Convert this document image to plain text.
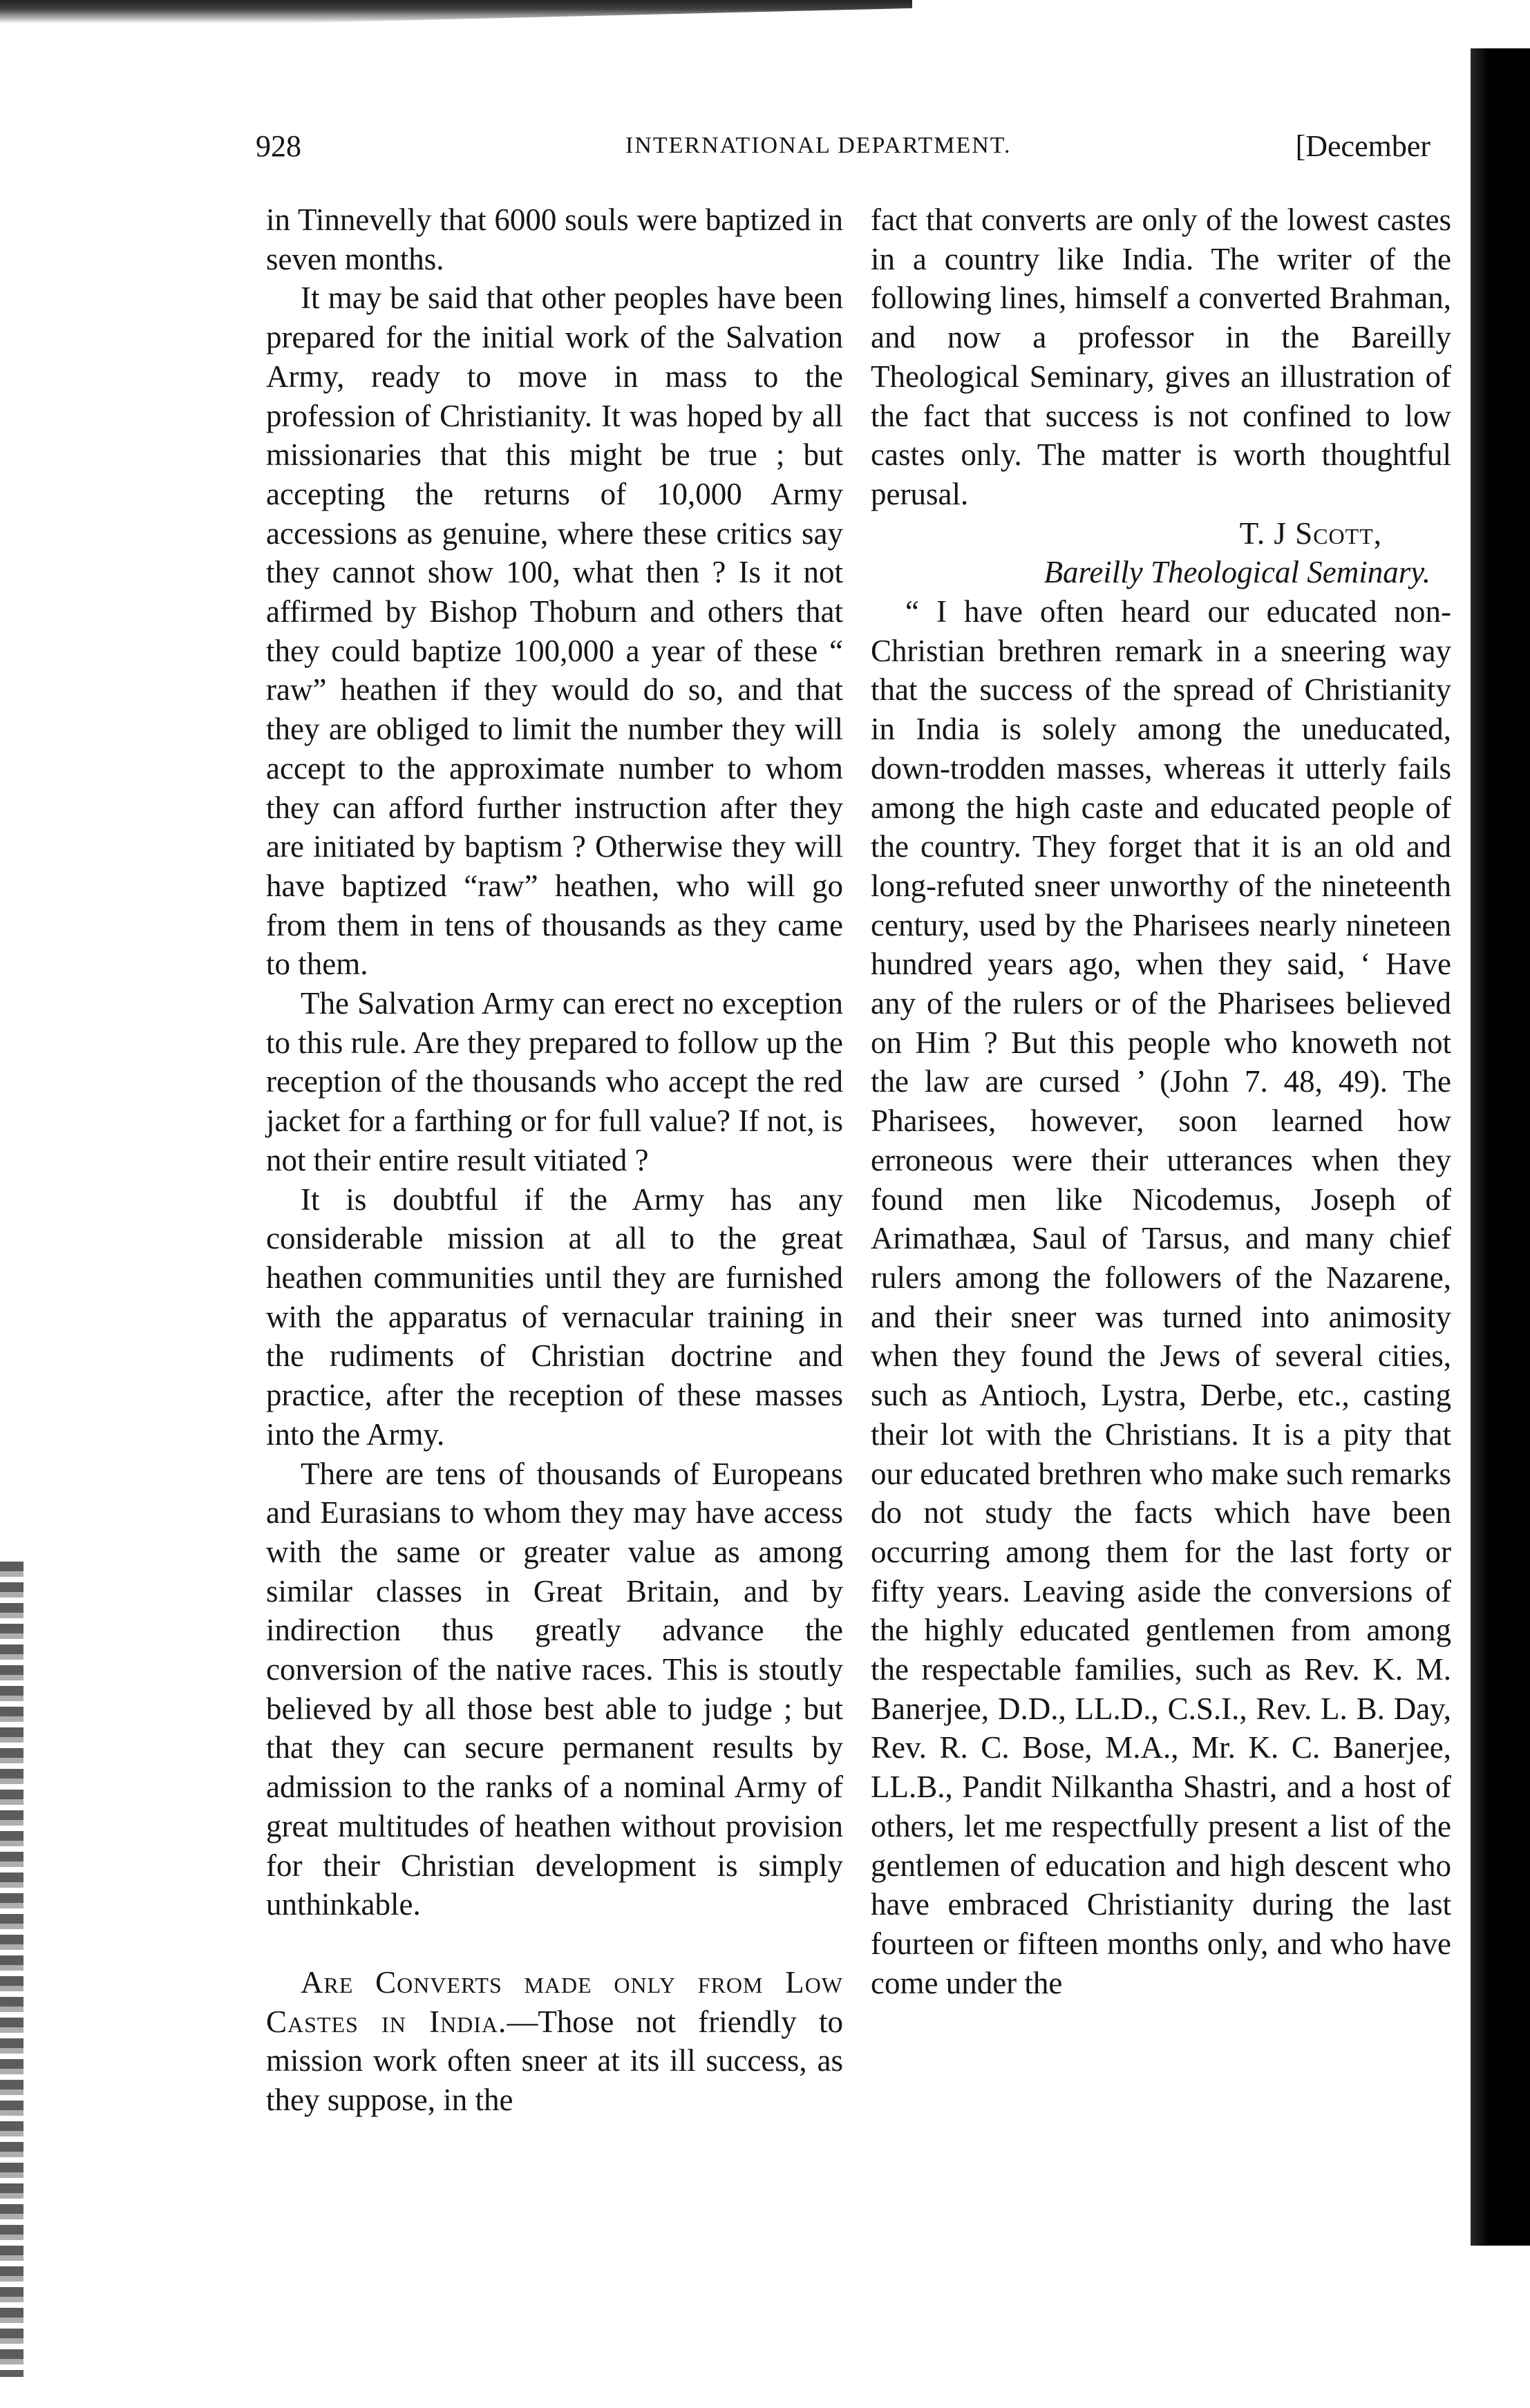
928	INTERNATIONAL DEPARTMENT.	[December

in Tinnevelly that 6000 souls were baptized in seven months.

It may be said that other peoples have been prepared for the initial work of the Salvation Army, ready to move in mass to the profession of Christianity. It was hoped by all missionaries that this might be true ; but accepting the returns of 10,000 Army accessions as genuine, where these critics say they cannot show 100, what then ? Is it not affirmed by Bishop Thoburn and others that they could baptize 100,000 a year of these “ raw” heathen if they would do so, and that they are obliged to limit the number they will accept to the approximate number to whom they can afford further instruction after they are initiated by baptism ? Otherwise they will have baptized “raw” heathen, who will go from them in tens of thousands as they came to them.

The Salvation Army can erect no exception to this rule. Are they prepared to follow up the reception of the thousands who accept the red jacket for a farthing or for full value? If not, is not their entire result vitiated ?

It is doubtful if the Army has any considerable mission at all to the great heathen communities until they are furnished with the apparatus of vernacular training in the rudiments of Christian doctrine and practice, after the reception of these masses into the Army.

There are tens of thousands of Europeans and Eurasians to whom they may have access with the same or greater value as among similar classes in Great Britain, and by indirection thus greatly advance the conversion of the native races. This is stoutly believed by all those best able to judge ; but that they can secure permanent results by admission to the ranks of a nominal Army of great multitudes of heathen without provision for their Christian development is simply unthinkable.

Are Converts made only from Low Castes in India.—Those not friendly to mission work often sneer at its ill success, as they suppose, in the

fact that converts are only of the lowest castes in a country like India. The writer of the following lines, himself a converted Brahman, and now a professor in the Bareilly Theological Seminary, gives an illustration of the fact that success is not confined to low castes only. The matter is worth thoughtful perusal.

T. J Scott,

Bareilly Theological Seminary.

“ I have often heard our educated non-Christian brethren remark in a sneering way that the success of the spread of Christianity in India is solely among the uneducated, down-trodden masses, whereas it utterly fails among the high caste and educated people of the country. They forget that it is an old and long-refuted sneer unworthy of the nineteenth century, used by the Pharisees nearly nineteen hundred years ago, when they said, ‘ Have any of the rulers or of the Pharisees believed on Him ? But this people who knoweth not the law are cursed ’ (John 7. 48, 49). The Pharisees, however, soon learned how erroneous were their utterances when they found men like Nicodemus, Joseph of Arimathæa, Saul of Tarsus, and many chief rulers among the followers of the Nazarene, and their sneer was turned into animosity when they found the Jews of several cities, such as Antioch, Lystra, Derbe, etc., casting their lot with the Christians. It is a pity that our educated brethren who make such remarks do not study the facts which have been occurring among them for the last forty or fifty years. Leaving aside the conversions of the highly educated gentlemen from among the respectable families, such as Rev. K. M. Banerjee, D.D., LL.D., C.S.I., Rev. L. B. Day, Rev. R. C. Bose, M.A., Mr. K. C. Banerjee, LL.B., Pandit Nilkantha Shastri, and a host of others, let me respectfully present a list of the gentlemen of education and high descent who have embraced Christianity during the last fourteen or fifteen months only, and who have come under the
